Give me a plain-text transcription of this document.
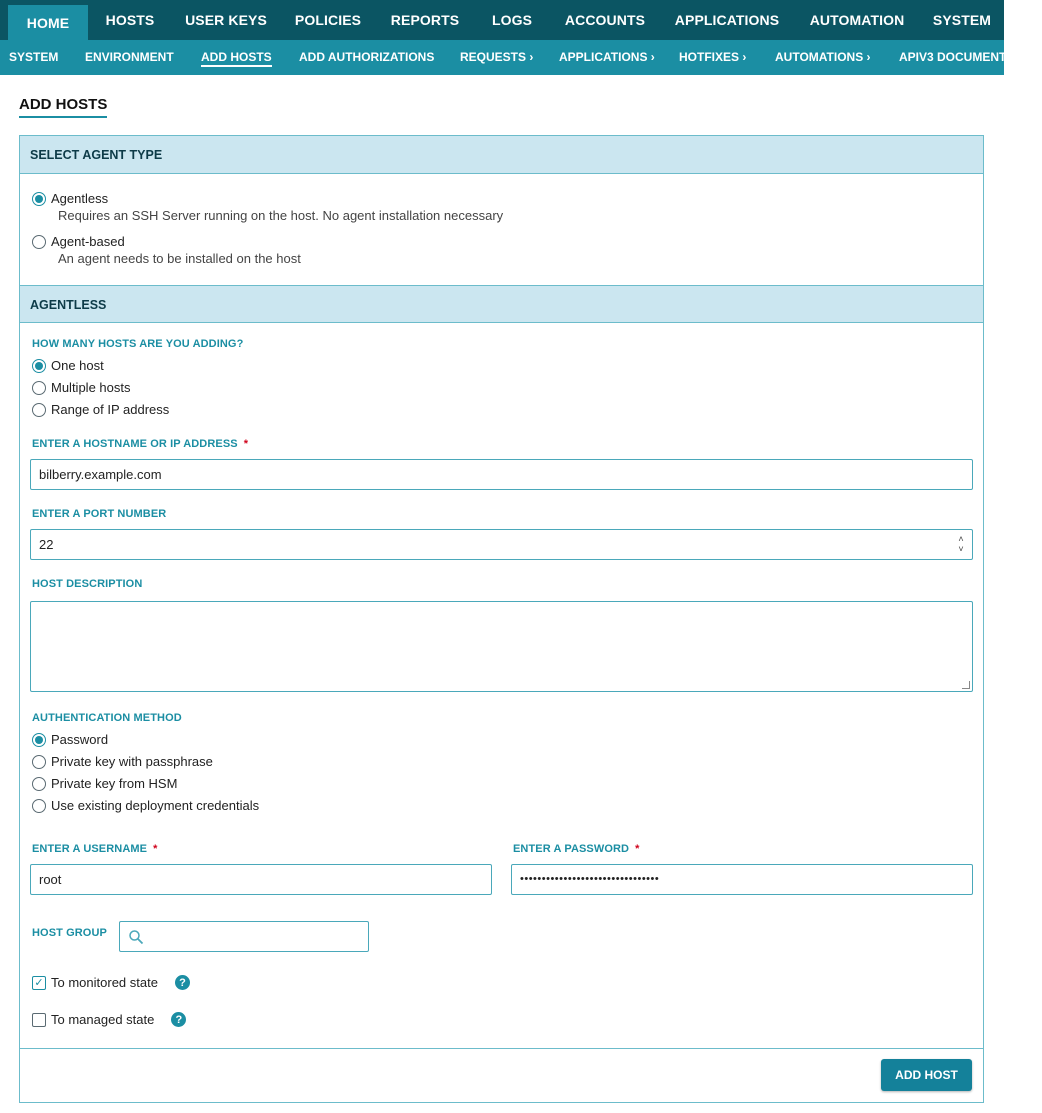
HOME	HOSTS	USER KEYS	POLICIES	REPORTS	LOGS	ACCOUNTS	APPLICATIONS	AUTOMATION	SYSTEM
SYSTEM ENVIRONMENT ADD HOSTS ADD AUTHORIZATIONS REQUESTS › APPLICATIONS › HOTFIXES › AUTOMATIONS › APIV3 DOCUMENTATION
ADD HOSTS
SELECT AGENT TYPE
Agentless
Requires an SSH Server running on the host. No agent installation necessary
Agent-based
An agent needs to be installed on the host
AGENTLESS
HOW MANY HOSTS ARE YOU ADDING?
One host
Multiple hosts
Range of IP address
ENTER A HOSTNAME OR IP ADDRESS *
bilberry.example.com
ENTER A PORT NUMBER
22	˄
˅
HOST DESCRIPTION
AUTHENTICATION METHOD
Password
Private key with passphrase
Private key from HSM
Use existing deployment credentials
ENTER A USERNAME *
root
ENTER A PASSWORD *
••••••••••••••••••••••••••••••••
HOST GROUP
✓ To monitored state	?
To managed state	?
ADD HOST
